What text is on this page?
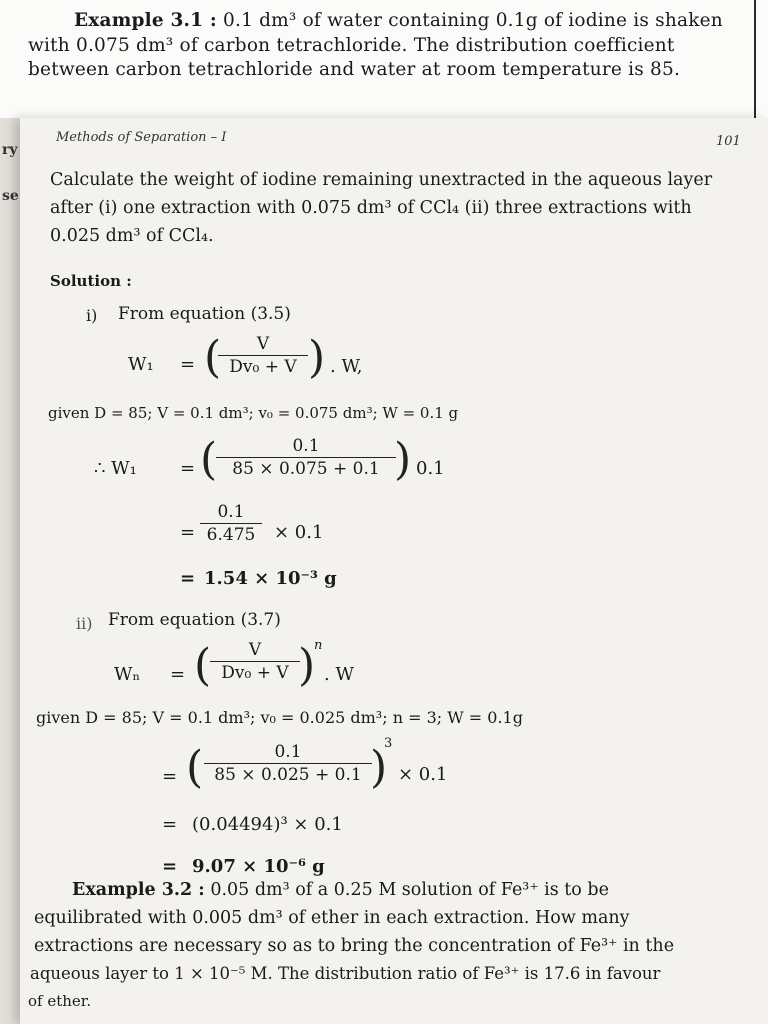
Example 3.1 : 0.1 dm³ of water containing 0.1g of iodine is shaken
with 0.075 dm³ of carbon tetrachloride. The distribution coefficient
between carbon tetrachloride and water at room temperature is 85.
ry
se
Methods of Separation – I	101
Calculate the weight of iodine remaining unextracted in the aqueous layer
after (i) one extraction with 0.075 dm³ of CCl₄ (ii) three extractions with
0.025 dm³ of CCl₄.
Solution :
i) From equation (3.5)
W₁ = (	V
Dv₀ + V ) . W,
given D = 85; V = 0.1 dm³; v₀ = 0.075 dm³; W = 0.1 g
∴ W₁ = (	0.1
85 × 0.075 + 0.1 ) 0.1
=
0.1
6.475	× 0.1
= 1.54 × 10⁻³ g
ii) From equation (3.7)
Wₙ = (	V
Dv₀ + V )
n
. W
given D = 85; V = 0.1 dm³; v₀ = 0.025 dm³; n = 3; W = 0.1g
= (	0.1
85 × 0.025 + 0.1 )
3
× 0.1
= (0.04494)³ × 0.1
= 9.07 × 10⁻⁶ g
Example 3.2 : 0.05 dm³ of a 0.25 M solution of Fe³⁺ is to be
equilibrated with 0.005 dm³ of ether in each extraction. How many
extractions are necessary so as to bring the concentration of Fe³⁺ in the
aqueous layer to 1 × 10⁻⁵ M. The distribution ratio of Fe³⁺ is 17.6 in favour
of ether.
